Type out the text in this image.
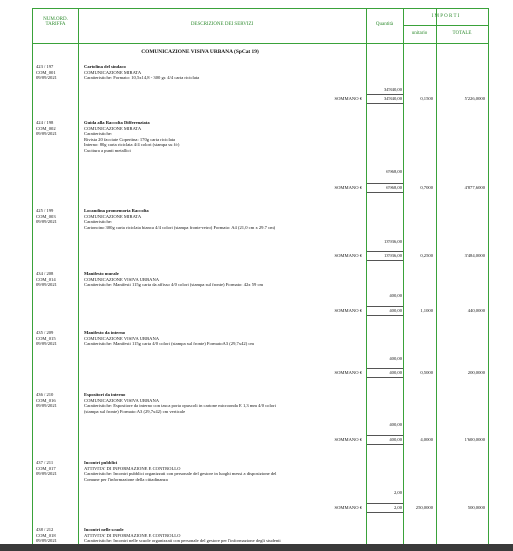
NUM.ORD. TARIFFA	DESCRIZIONE DEI SERVIZI	Quantità
I M P O R T I
unitario	TOTALE
COMUNICAZIONE VISIVA URBANA (SpCat 19)
423 / 197
COM_001
09/09/2021
Cartolina del sindaco
COMUNICAZIONE MIRATA
Caratteristiche: Formato: 10,5x14,8 - 300 gr. 4/4 carta riciclata
34'840,00
SOMMANO €	34'840,00	0,1500	5'226,0000
424 / 198
COM_002
09/09/2021
Guida alla Raccolta Differenziata
COMUNICAZIONE MIRATA
Caratteristiche:
Rivista 20 facciate Copertina: 170g carta riciclata
Interno: 80g carta riciclata 4/4 colori (stampa su f/r)
Cucitura a punti metallici
6'968,00
SOMMANO €	6'968,00	0,7000	4'877,6000
425 / 199
COM_003
09/09/2021
Locandina promemoria Raccolta
COMUNICAZIONE MIRATA
Caratteristiche:
Cartoncino 300g carta riciclata bianca 4/4 colori (stampa fronte-retro) Formato: A4 (21,0 cm x 29.7 cm)
13'936,00
SOMMANO €	13'936,00	0,2500	3'484,0000
434 / 208
COM_014
09/09/2021
Manifesto murale
COMUNICAZIONE VISIVA URBANA
Caratteristiche: Manifesti 115g carta da affisso 4/0 colori (stampa sul fronte) Formato: 42x 59 cm
400,00
SOMMANO €	400,00	1,1000	440,0000
435 / 209
COM_015
09/09/2021
Manifesto da interno
COMUNICAZIONE VISIVA URBANA
Caratteristiche: Manifesti 115g carta 4/0 colori (stampa sul fronte) FormatoA3 (29,7x42) cm
400,00
SOMMANO €	400,00	0,5000	200,0000
436 / 210
COM_016
09/09/2021
Espositori da interno
COMUNICAZIONE VISIVA URBANA
Caratteristiche: Espositore da interno con tasca porta opuscoli in cartone microonda E 1,3 mm 4/0 colori
(stampa sul fronte) Formato:A3 (29,7x42) cm verticale
400,00
SOMMANO €	400,00	4,0000	1'600,0000
437 / 211
COM_017
09/09/2021
Incontri pubblici
ATTIVITA' DI INFORMAZIONE E CONTROLLO
Caratteristiche: Incontri pubblici organizzati con personale del gestore in luoghi messi a disposizione del
Comune per l'informazione della cittadinanza
2,00
SOMMANO €	2,00	250,0000	500,0000
438 / 212
COM_018
09/09/2021
Incontri nelle scuole
ATTIVITA' DI INFORMAZIONE E CONTROLLO
Caratteristiche: Incontri nelle scuole organizzati con personale del gestore per l'informazione degli studenti
